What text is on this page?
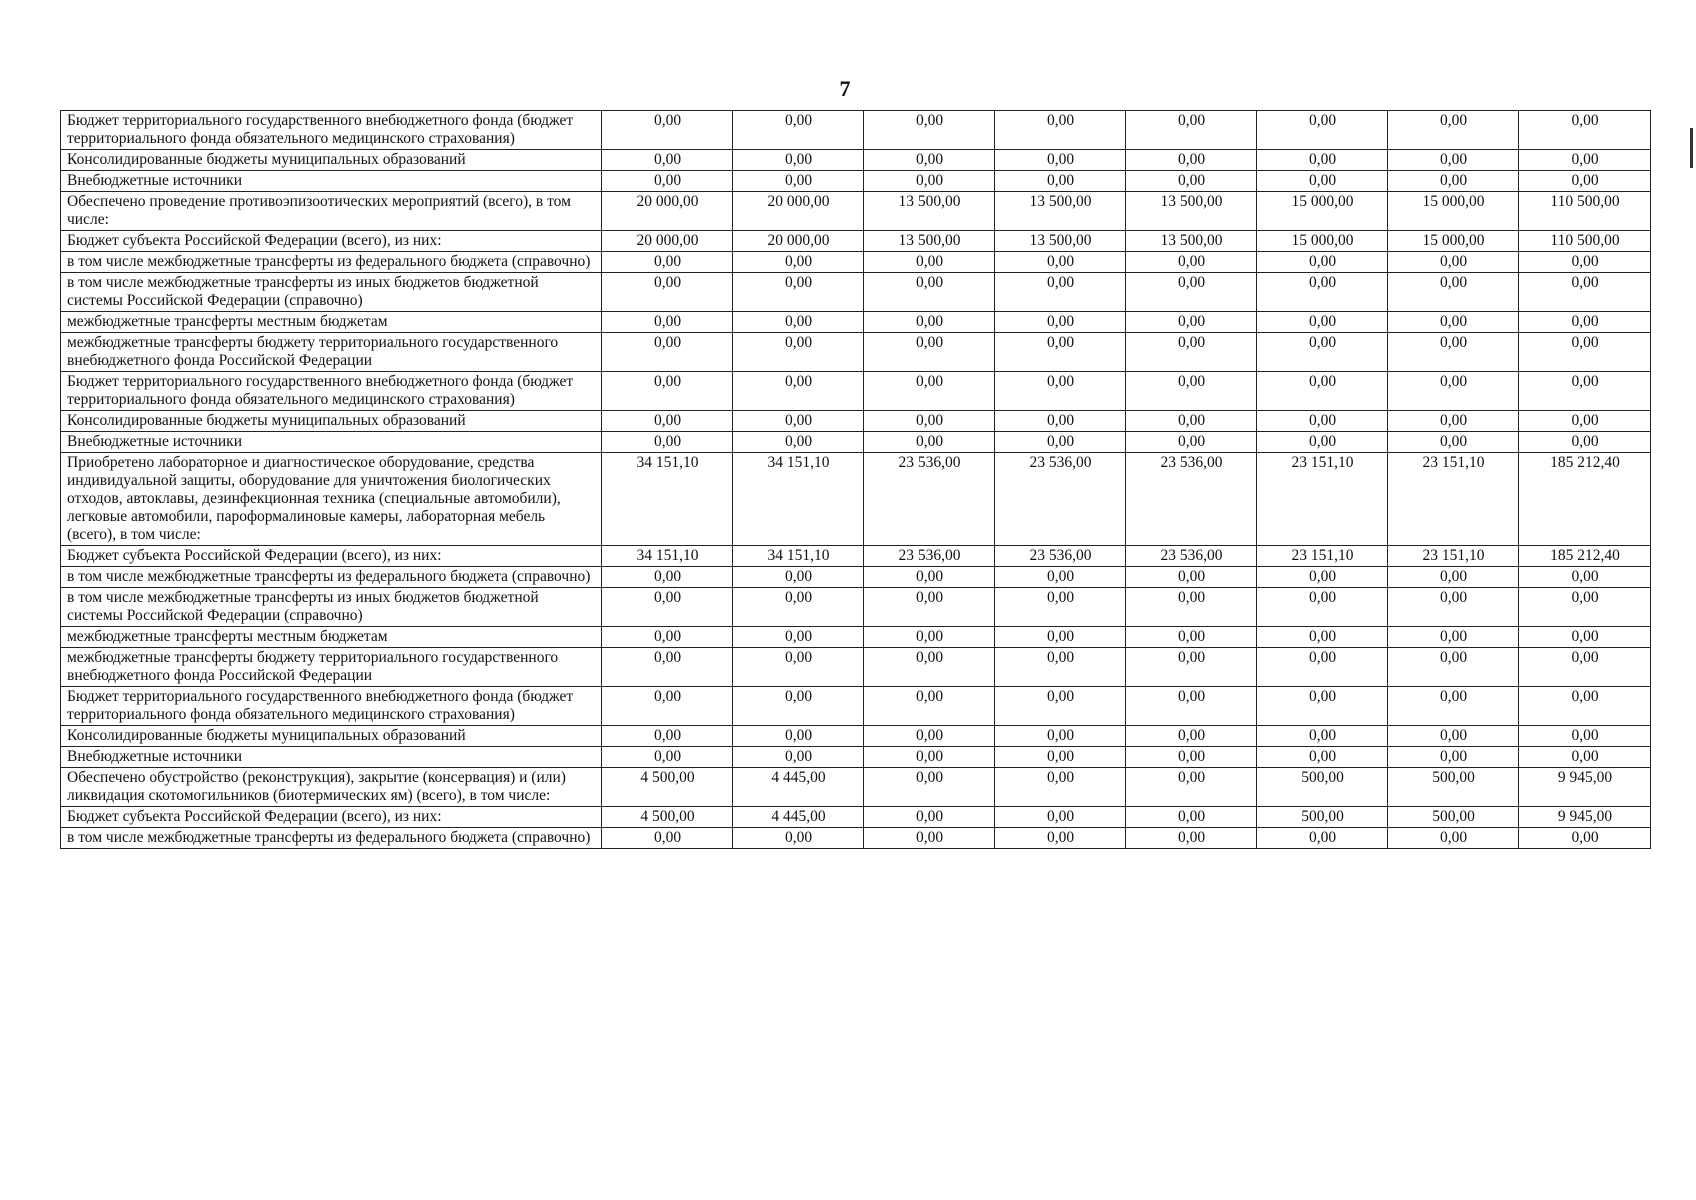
7
Бюджет территориального государственного внебюджетного фонда (бюджет территориального фонда обязательного медицинского страхования)	0,00	0,00	0,00	0,00	0,00	0,00	0,00	0,00
Консолидированные бюджеты муниципальных образований	0,00	0,00	0,00	0,00	0,00	0,00	0,00	0,00
Внебюджетные источники	0,00	0,00	0,00	0,00	0,00	0,00	0,00	0,00
Обеспечено проведение противоэпизоотических мероприятий (всего), в том числе:	20 000,00	20 000,00	13 500,00	13 500,00	13 500,00	15 000,00	15 000,00	110 500,00
Бюджет субъекта Российской Федерации (всего), из них:	20 000,00	20 000,00	13 500,00	13 500,00	13 500,00	15 000,00	15 000,00	110 500,00
в том числе межбюджетные трансферты из федерального бюджета (справочно)	0,00	0,00	0,00	0,00	0,00	0,00	0,00	0,00
в том числе межбюджетные трансферты из иных бюджетов бюджетной системы Российской Федерации (справочно)	0,00	0,00	0,00	0,00	0,00	0,00	0,00	0,00
межбюджетные трансферты местным бюджетам	0,00	0,00	0,00	0,00	0,00	0,00	0,00	0,00
межбюджетные трансферты бюджету территориального государственного внебюджетного фонда Российской Федерации	0,00	0,00	0,00	0,00	0,00	0,00	0,00	0,00
Бюджет территориального государственного внебюджетного фонда (бюджет территориального фонда обязательного медицинского страхования)	0,00	0,00	0,00	0,00	0,00	0,00	0,00	0,00
Консолидированные бюджеты муниципальных образований	0,00	0,00	0,00	0,00	0,00	0,00	0,00	0,00
Внебюджетные источники	0,00	0,00	0,00	0,00	0,00	0,00	0,00	0,00
Приобретено лабораторное и диагностическое оборудование, средства индивидуальной защиты, оборудование для уничтожения биологических отходов, автоклавы, дезинфекционная техника (специальные автомобили), легковые автомобили, пароформалиновые камеры, лабораторная мебель (всего), в том числе:	34 151,10	34 151,10	23 536,00	23 536,00	23 536,00	23 151,10	23 151,10	185 212,40
Бюджет субъекта Российской Федерации (всего), из них:	34 151,10	34 151,10	23 536,00	23 536,00	23 536,00	23 151,10	23 151,10	185 212,40
в том числе межбюджетные трансферты из федерального бюджета (справочно)	0,00	0,00	0,00	0,00	0,00	0,00	0,00	0,00
в том числе межбюджетные трансферты из иных бюджетов бюджетной системы Российской Федерации (справочно)	0,00	0,00	0,00	0,00	0,00	0,00	0,00	0,00
межбюджетные трансферты местным бюджетам	0,00	0,00	0,00	0,00	0,00	0,00	0,00	0,00
межбюджетные трансферты бюджету территориального государственного внебюджетного фонда Российской Федерации	0,00	0,00	0,00	0,00	0,00	0,00	0,00	0,00
Бюджет территориального государственного внебюджетного фонда (бюджет территориального фонда обязательного медицинского страхования)	0,00	0,00	0,00	0,00	0,00	0,00	0,00	0,00
Консолидированные бюджеты муниципальных образований	0,00	0,00	0,00	0,00	0,00	0,00	0,00	0,00
Внебюджетные источники	0,00	0,00	0,00	0,00	0,00	0,00	0,00	0,00
Обеспечено обустройство (реконструкция), закрытие (консервация) и (или) ликвидация скотомогильников (биотермических ям) (всего), в том числе:	4 500,00	4 445,00	0,00	0,00	0,00	500,00	500,00	9 945,00
Бюджет субъекта Российской Федерации (всего), из них:	4 500,00	4 445,00	0,00	0,00	0,00	500,00	500,00	9 945,00
в том числе межбюджетные трансферты из федерального бюджета (справочно)	0,00	0,00	0,00	0,00	0,00	0,00	0,00	0,00
